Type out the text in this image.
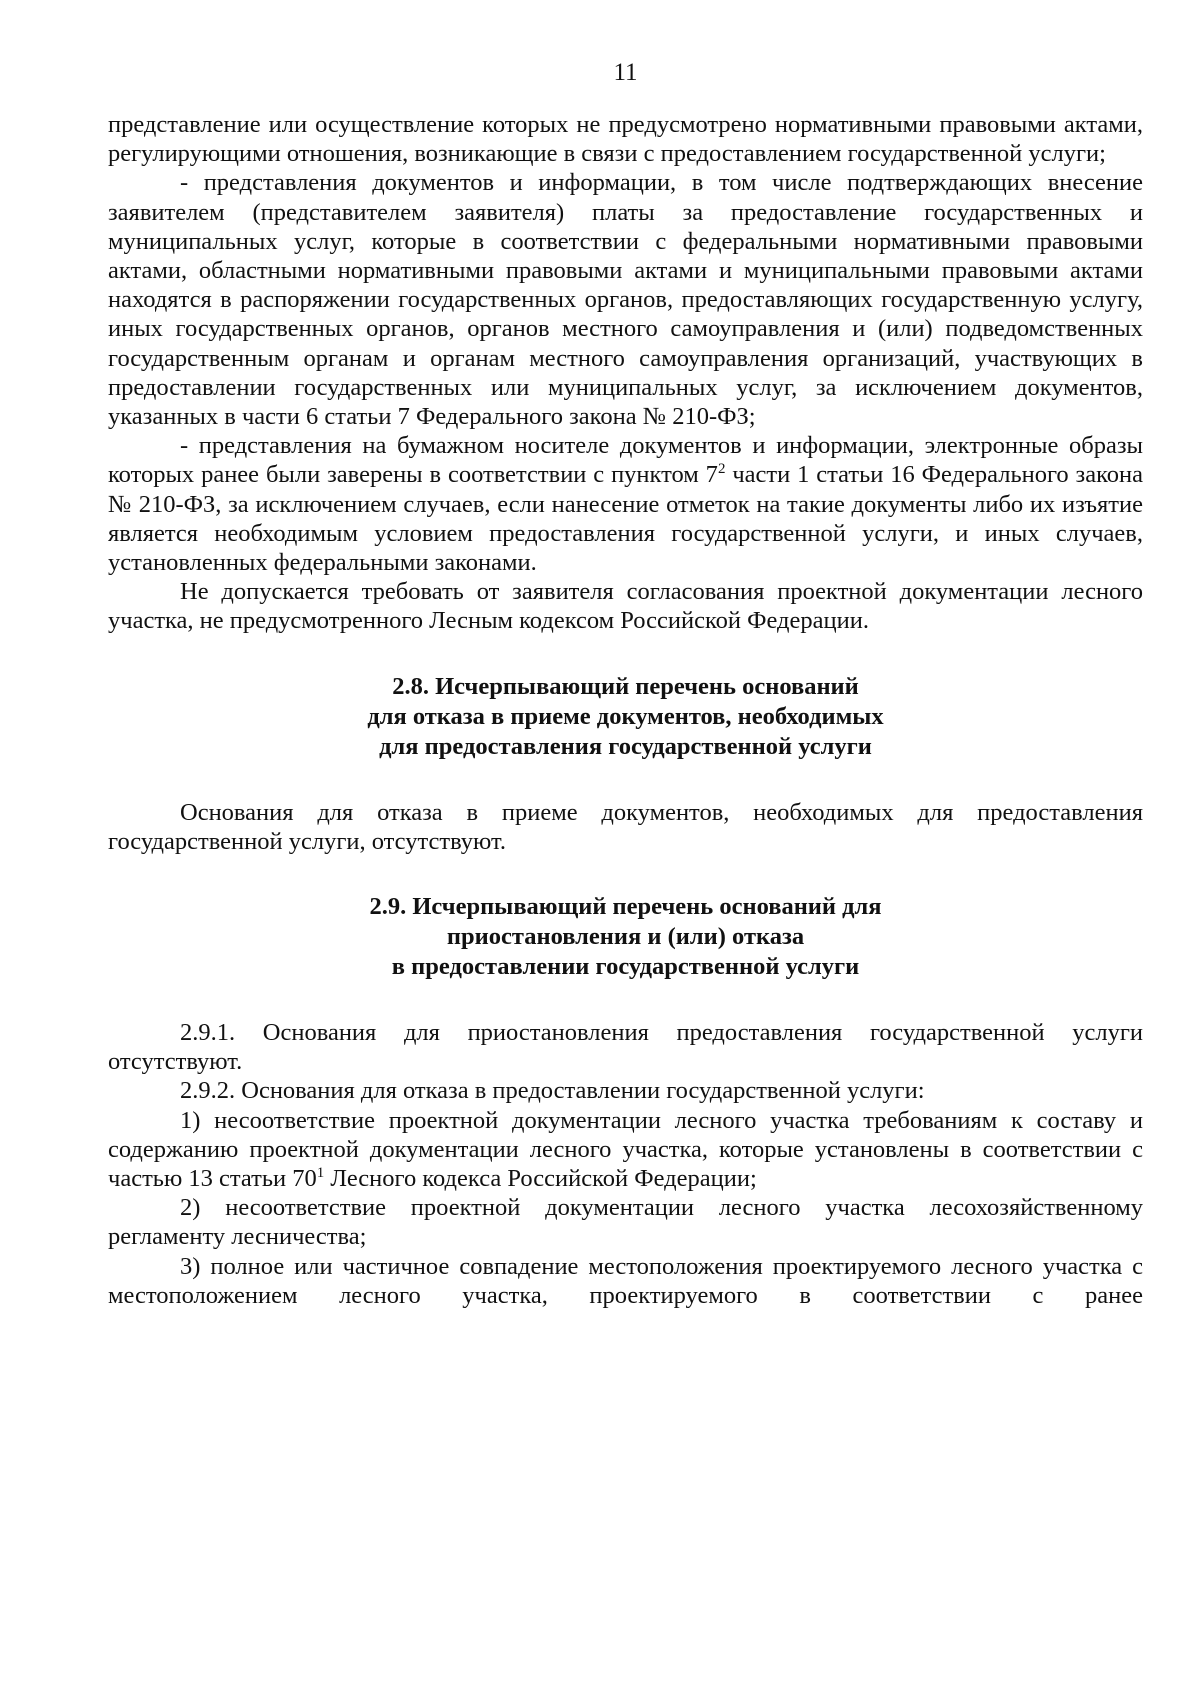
11

представление или осуществление которых не предусмотрено нормативными правовыми актами, регулирующими отношения, возникающие в связи с предоставлением государственной услуги;

- представления документов и информации, в том числе подтверждающих внесение заявителем (представителем заявителя) платы за предоставление государственных и муниципальных услуг, которые в соответствии с федеральными нормативными правовыми актами, областными нормативными правовыми актами и муниципальными правовыми актами находятся в распоряжении государственных органов, предоставляющих государственную услугу, иных государственных органов, органов местного самоуправления и (или) подведомственных государственным органам и органам местного самоуправления организаций, участвующих в предоставлении государственных или муниципальных услуг, за исключением документов, указанных в части 6 статьи 7 Федерального закона № 210-ФЗ;

- представления на бумажном носителе документов и информации, электронные образы которых ранее были заверены в соответствии с пунктом $7^2$ части 1 статьи 16 Федерального закона № 210-ФЗ, за исключением случаев, если нанесение отметок на такие документы либо их изъятие является необходимым условием предоставления государственной услуги, и иных случаев, установленных федеральными законами.

Не допускается требовать от заявителя согласования проектной документации лесного участка, не предусмотренного Лесным кодексом Российской Федерации.

2.8. Исчерпывающий перечень оснований
для отказа в приеме документов, необходимых
для предоставления государственной услуги

Основания для отказа в приеме документов, необходимых для предоставления государственной услуги, отсутствуют.

2.9. Исчерпывающий перечень оснований для
приостановления и (или) отказа
в предоставлении государственной услуги

2.9.1. Основания для приостановления предоставления государственной услуги отсутствуют.

2.9.2. Основания для отказа в предоставлении государственной услуги:

1) несоответствие проектной документации лесного участка требованиям к составу и содержанию проектной документации лесного участка, которые установлены в соответствии с частью 13 статьи $70^1$ Лесного кодекса Российской Федерации;

2) несоответствие проектной документации лесного участка лесохозяйственному регламенту лесничества;

3) полное или частичное совпадение местоположения проектируемого лесного участка с местоположением лесного участка, проектируемого в соответствии с ранее
